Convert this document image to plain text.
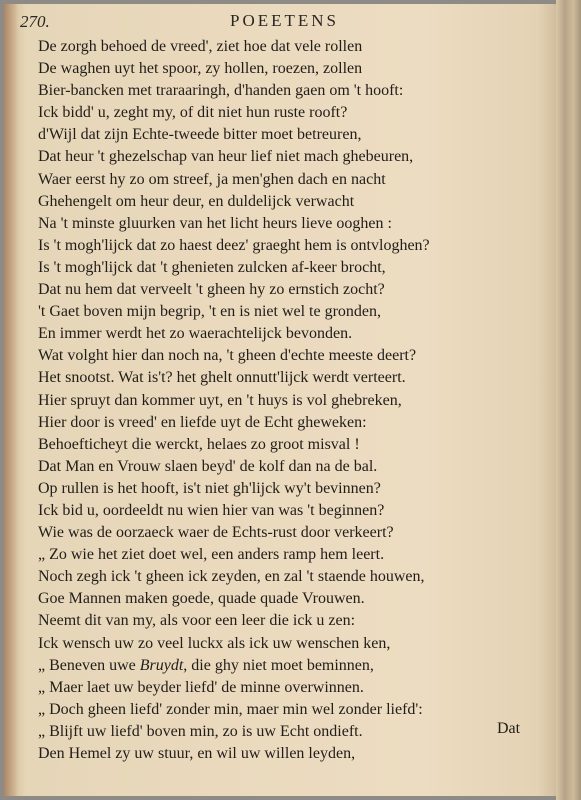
270.	POEETENS
De zorgh behoed de vreed', ziet hoe dat vele rollen
De waghen uyt het spoor, zy hollen, roezen, zollen
Bier-bancken met traraaringh, d'handen gaen om 't hooft:
Ick bidd' u, zeght my, of dit niet hun ruste rooft?
d'Wijl dat zijn Echte-tweede bitter moet betreuren,
Dat heur 't ghezelschap van heur lief niet mach ghebeuren,
Waer eerst hy zo om streef, ja men'ghen dach en nacht
Ghehengelt om heur deur, en duldelijck verwacht
Na 't minste gluurken van het licht heurs lieve ooghen :
Is 't mogh'lijck dat zo haest deez' graeght hem is ontvloghen?
Is 't mogh'lijck dat 't ghenieten zulcken af-keer brocht,
Dat nu hem dat verveelt 't gheen hy zo ernstich zocht?
't Gaet boven mijn begrip, 't en is niet wel te gronden,
En immer werdt het zo waerachtelijck bevonden.
Wat volght hier dan noch na, 't gheen d'echte meeste deert?
Het snootst. Wat is't? het ghelt onnutt'lijck werdt verteert.
Hier spruyt dan kommer uyt, en 't huys is vol ghebreken,
Hier door is vreed' en liefde uyt de Echt gheweken:
Behoefticheyt die werckt, helaes zo groot misval !
Dat Man en Vrouw slaen beyd' de kolf dan na de bal.
Op rullen is het hooft, is't niet gh'lijck wy't bevinnen?
Ick bid u, oordeeldt nu wien hier van was 't beginnen?
Wie was de oorzaeck waer de Echts-rust door verkeert?
„ Zo wie het ziet doet wel, een anders ramp hem leert.
Noch zegh ick 't gheen ick zeyden, en zal 't staende houwen,
Goe Mannen maken goede, quade quade Vrouwen.
Neemt dit van my, als voor een leer die ick u zen:
Ick wensch uw zo veel luckx als ick uw wenschen ken,
„ Beneven uwe Bruydt, die ghy niet moet beminnen,
„ Maer laet uw beyder liefd' de minne overwinnen.
„ Doch gheen liefd' zonder min, maer min wel zonder liefd':
„ Blijft uw liefd' boven min, zo is uw Echt ondieft.
Den Hemel zy uw stuur, en wil uw willen leyden,
Dat
